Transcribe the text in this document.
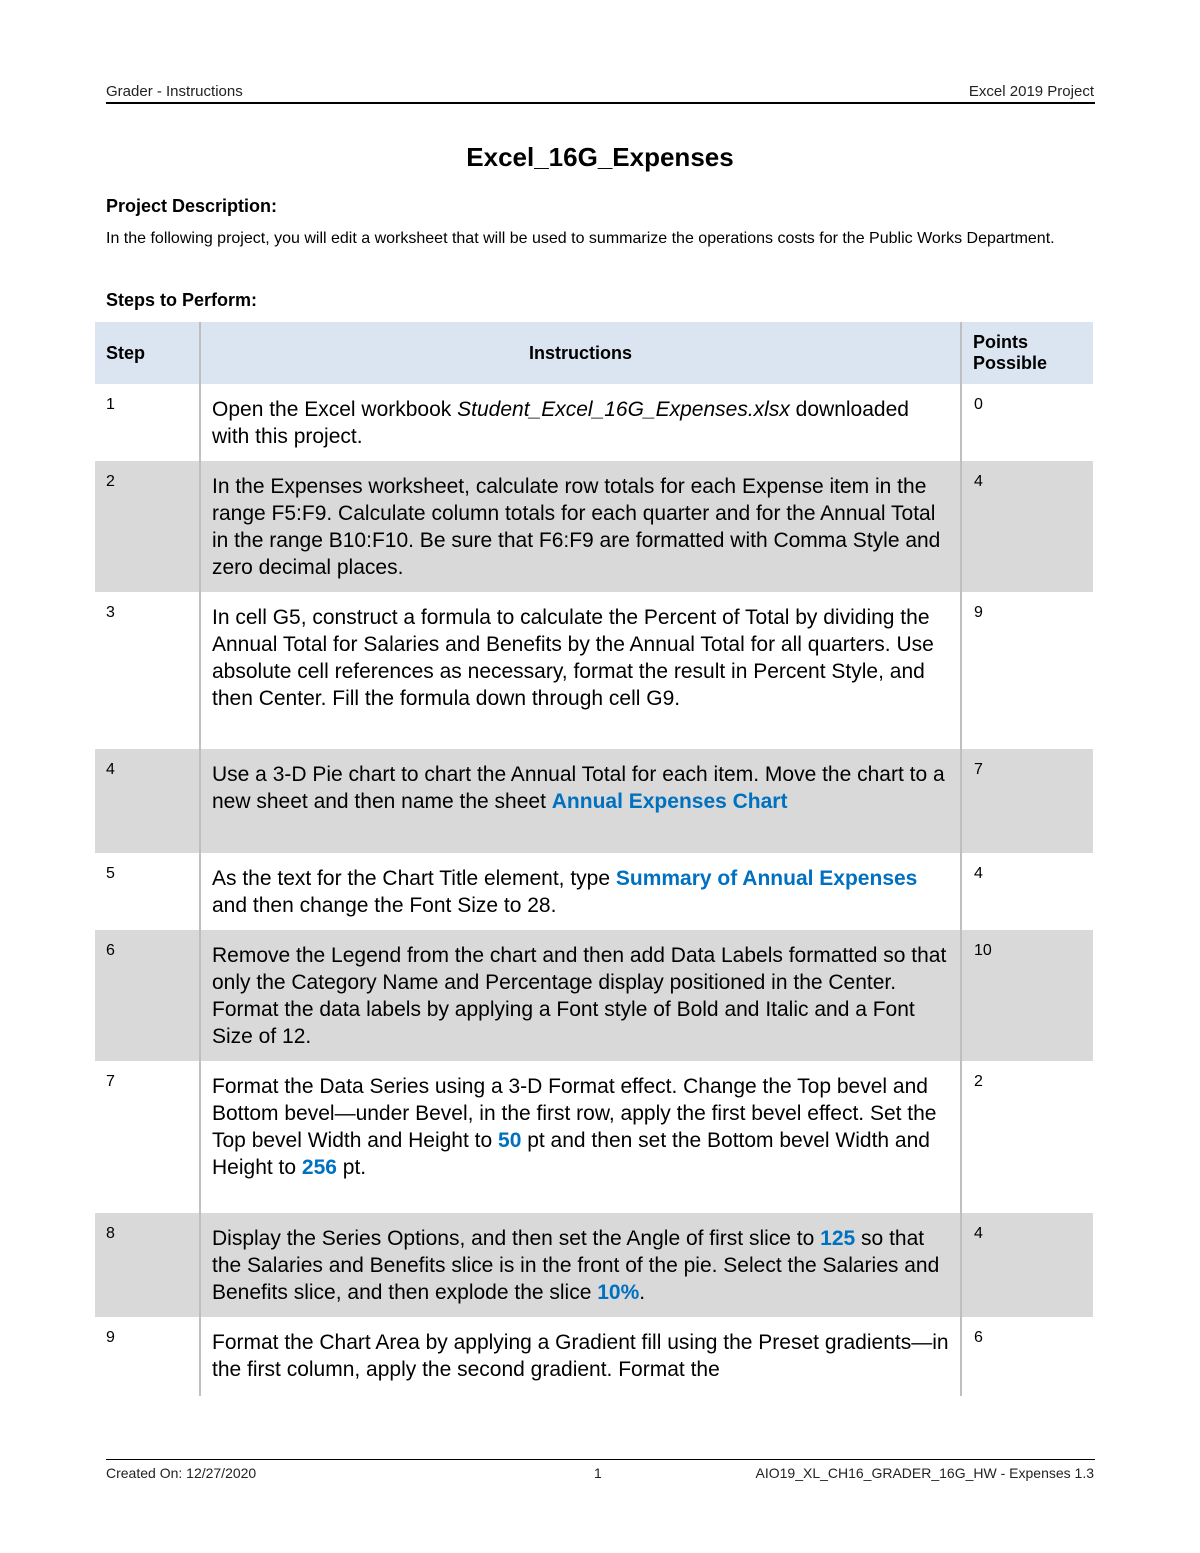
Grader - Instructions	Excel 2019 Project
Excel_16G_Expenses
Project Description:
In the following project, you will edit a worksheet that will be used to summarize the operations costs for the Public Works Department.
Steps to Perform:
Step	Instructions	Points
Possible
1	Open the Excel workbook Student_Excel_16G_Expenses.xlsx downloaded with this project.	0
2	In the Expenses worksheet, calculate row totals for each Expense item in the range F5:F9. Calculate column totals for each quarter and for the Annual Total in the range B10:F10. Be sure that F6:F9 are formatted with Comma Style and zero decimal places.	4
3	In cell G5, construct a formula to calculate the Percent of Total by dividing the Annual Total for Salaries and Benefits by the Annual Total for all quarters. Use absolute cell references as necessary, format the result in Percent Style, and then Center. Fill the formula down through cell G9.	9
4	Use a 3-D Pie chart to chart the Annual Total for each item. Move the chart to a new sheet and then name the sheet Annual Expenses Chart	7
5	As the text for the Chart Title element, type Summary of Annual Expenses and then change the Font Size to 28.	4
6	Remove the Legend from the chart and then add Data Labels formatted so that only the Category Name and Percentage display positioned in the Center. Format the data labels by applying a Font style of Bold and Italic and a Font Size of 12.	10
7	Format the Data Series using a 3-D Format effect. Change the Top bevel and Bottom bevel—under Bevel, in the first row, apply the first bevel effect. Set the Top bevel Width and Height to 50 pt and then set the Bottom bevel Width and Height to 256 pt.	2
8	Display the Series Options, and then set the Angle of first slice to 125 so that the Salaries and Benefits slice is in the front of the pie. Select the Salaries and Benefits slice, and then explode the slice 10%.	4
9	Format the Chart Area by applying a Gradient fill using the Preset gradients—in the first column, apply the second gradient. Format the	6
Created On: 12/27/2020	1	AIO19_XL_CH16_GRADER_16G_HW - Expenses 1.3
